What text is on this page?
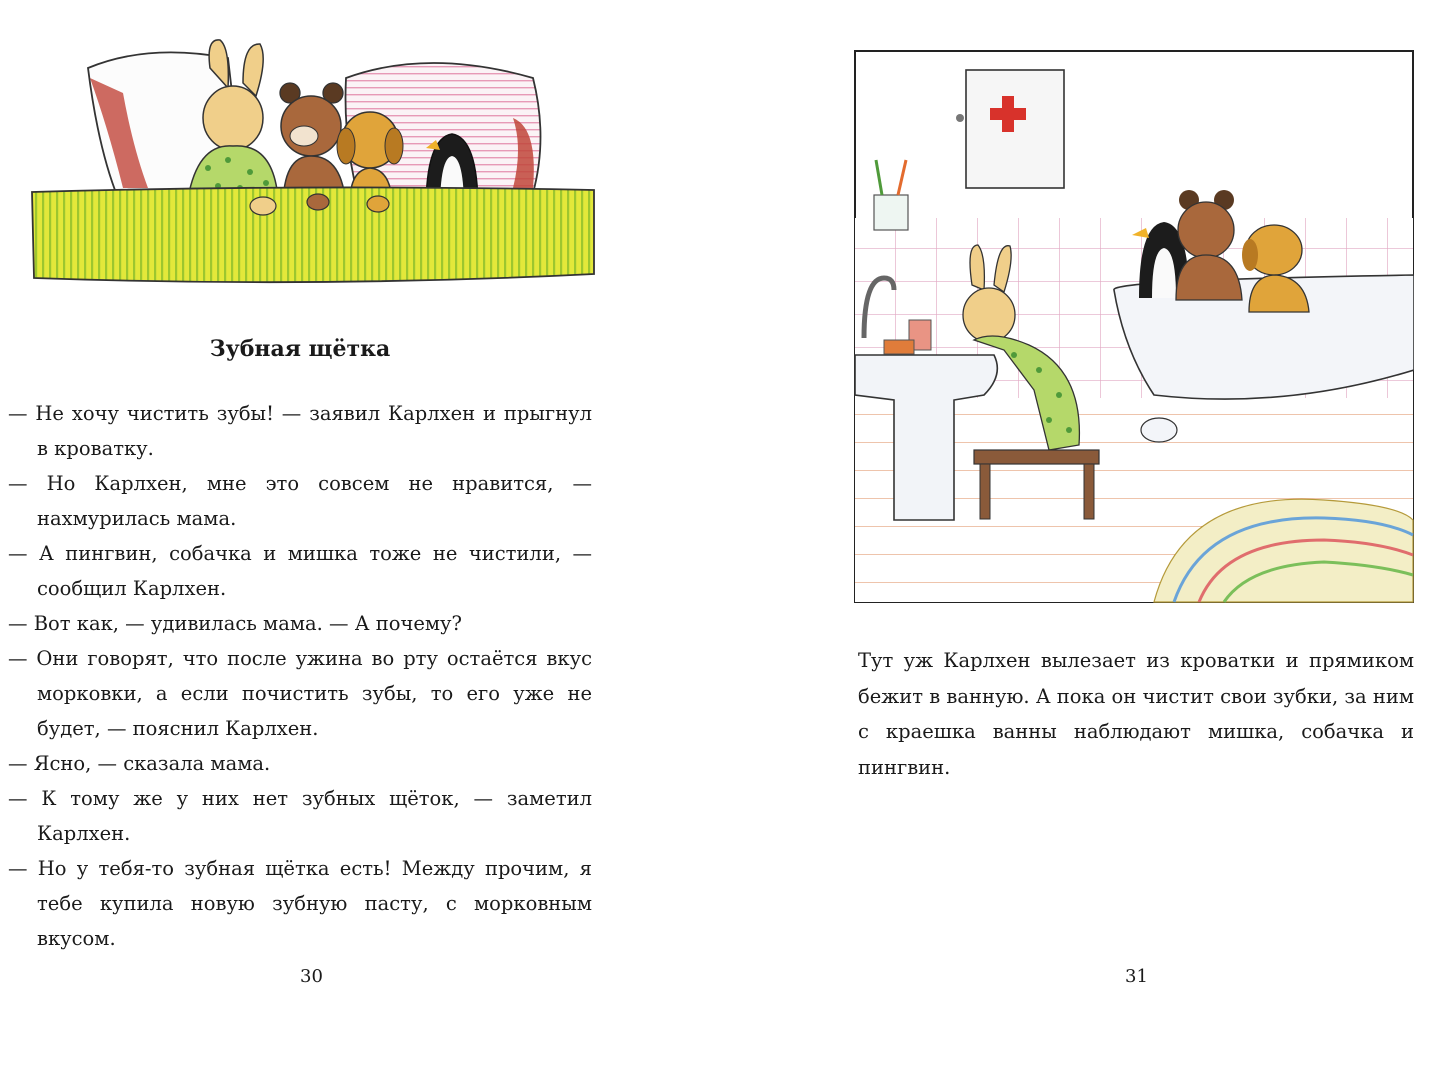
Зубная щётка

— Не хочу чистить зубы! — заявил Карлхен и прыгнул в кроватку.

— Но Карлхен, мне это совсем не нравится, — нахмурилась мама.

— А пингвин, собачка и мишка тоже не чистили, — сообщил Карлхен.

— Вот как, — удивилась мама. — А почему?

— Они говорят, что после ужина во рту остаётся вкус морковки, а если почистить зубы, то его уже не будет, — пояснил Карлхен.

— Ясно, — сказала мама.

— К тому же у них нет зубных щёток, — заметил Карлхен.

— Но у тебя-то зубная щётка есть! Между прочим, я тебе купила новую зубную пасту, с морковным вкусом.

30
Тут уж Карлхен вылезает из кроватки и прямиком бежит в ванную. А пока он чистит свои зубки, за ним с краешка ванны наблюдают мишка, собачка и пингвин.
31
